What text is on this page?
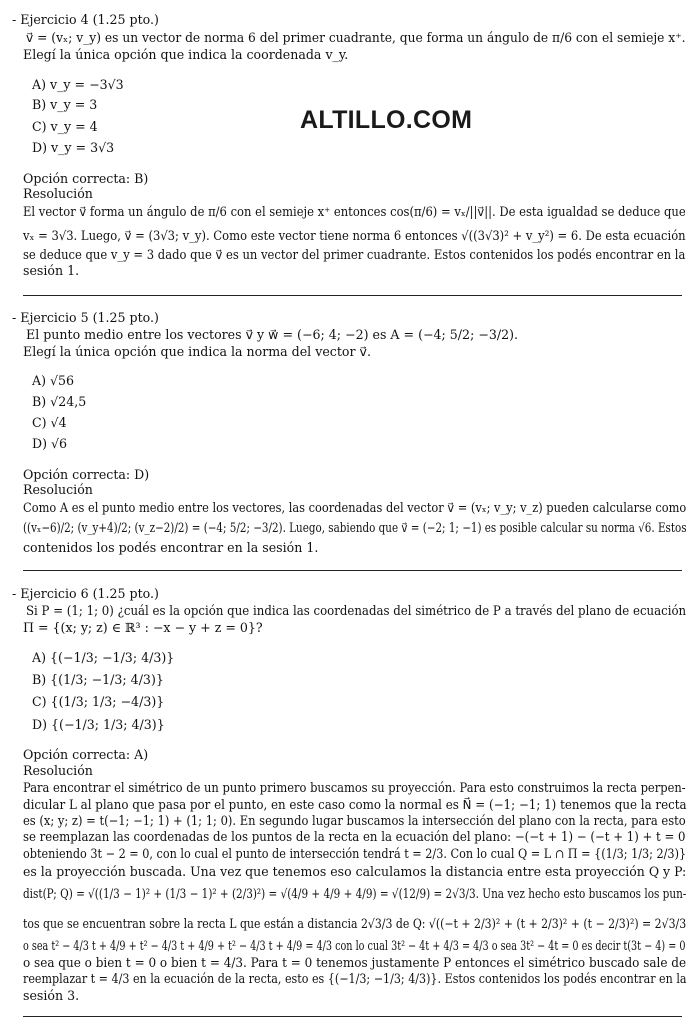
ALTILLO.COM
- Ejercicio 4 (1.25 pto.)
v⃗ = (vₓ; v_y) es un vector de norma 6 del primer cuadrante, que forma un ángulo de π/6 con el semieje x⁺.
Elegí la única opción que indica la coordenada v_y.
A) v_y = −3√3
B) v_y = 3
C) v_y = 4
D) v_y = 3√3
Opción correcta: B)
Resolución
El vector v⃗ forma un ángulo de π/6 con el semieje x⁺ entonces cos(π/6) = vₓ/||v⃗||. De esta igualdad se deduce que
vₓ = 3√3. Luego, v⃗ = (3√3; v_y). Como este vector tiene norma 6 entonces √((3√3)² + v_y²) = 6. De esta ecuación
se deduce que v_y = 3 dado que v⃗ es un vector del primer cuadrante. Estos contenidos los podés encontrar en la
sesión 1.
- Ejercicio 5 (1.25 pto.)
El punto medio entre los vectores v⃗ y w⃗ = (−6; 4; −2) es A = (−4; 5/2; −3/2).
Elegí la única opción que indica la norma del vector v⃗.
A) √56
B) √24,5
C) √4
D) √6
Opción correcta: D)
Resolución
Como A es el punto medio entre los vectores, las coordenadas del vector v⃗ = (vₓ; v_y; v_z) pueden calcularse como
((vₓ−6)/2; (v_y+4)/2; (v_z−2)/2) = (−4; 5/2; −3/2). Luego, sabiendo que v⃗ = (−2; 1; −1) es posible calcular su norma √6. Estos
contenidos los podés encontrar en la sesión 1.
- Ejercicio 6 (1.25 pto.)
Si P = (1; 1; 0) ¿cuál es la opción que indica las coordenadas del simétrico de P a través del plano de ecuación
Π = {(x; y; z) ∈ ℝ³ : −x − y + z = 0}?
A) {(−1/3; −1/3; 4/3)}
B) {(1/3; −1/3; 4/3)}
C) {(1/3; 1/3; −4/3)}
D) {(−1/3; 1/3; 4/3)}
Opción correcta: A)
Resolución
Para encontrar el simétrico de un punto primero buscamos su proyección. Para esto construimos la recta perpen-
dicular L al plano que pasa por el punto, en este caso como la normal es N⃗ = (−1; −1; 1) tenemos que la recta
es (x; y; z) = t(−1; −1; 1) + (1; 1; 0). En segundo lugar buscamos la intersección del plano con la recta, para esto
se reemplazan las coordenadas de los puntos de la recta en la ecuación del plano: −(−t + 1) − (−t + 1) + t = 0
obteniendo 3t − 2 = 0, con lo cual el punto de intersección tendrá t = 2/3. Con lo cual Q = L ∩ Π = {(1/3; 1/3; 2/3)}
es la proyección buscada. Una vez que tenemos eso calculamos la distancia entre esta proyección Q y P:
dist(P; Q) = √((1/3 − 1)² + (1/3 − 1)² + (2/3)²) = √(4/9 + 4/9 + 4/9) = √(12/9) = 2√3/3. Una vez hecho esto buscamos los pun-
tos que se encuentran sobre la recta L que están a distancia 2√3/3 de Q: √((−t + 2/3)² + (t + 2/3)² + (t − 2/3)²) = 2√3/3
o sea t² − 4/3 t + 4/9 + t² − 4/3 t + 4/9 + t² − 4/3 t + 4/9 = 4/3 con lo cual 3t² − 4t + 4/3 = 4/3 o sea 3t² − 4t = 0 es decir t(3t − 4) = 0
o sea que o bien t = 0 o bien t = 4/3. Para t = 0 tenemos justamente P entonces el simétrico buscado sale de
reemplazar t = 4/3 en la ecuación de la recta, esto es {(−1/3; −1/3; 4/3)}. Estos contenidos los podés encontrar en la
sesión 3.
